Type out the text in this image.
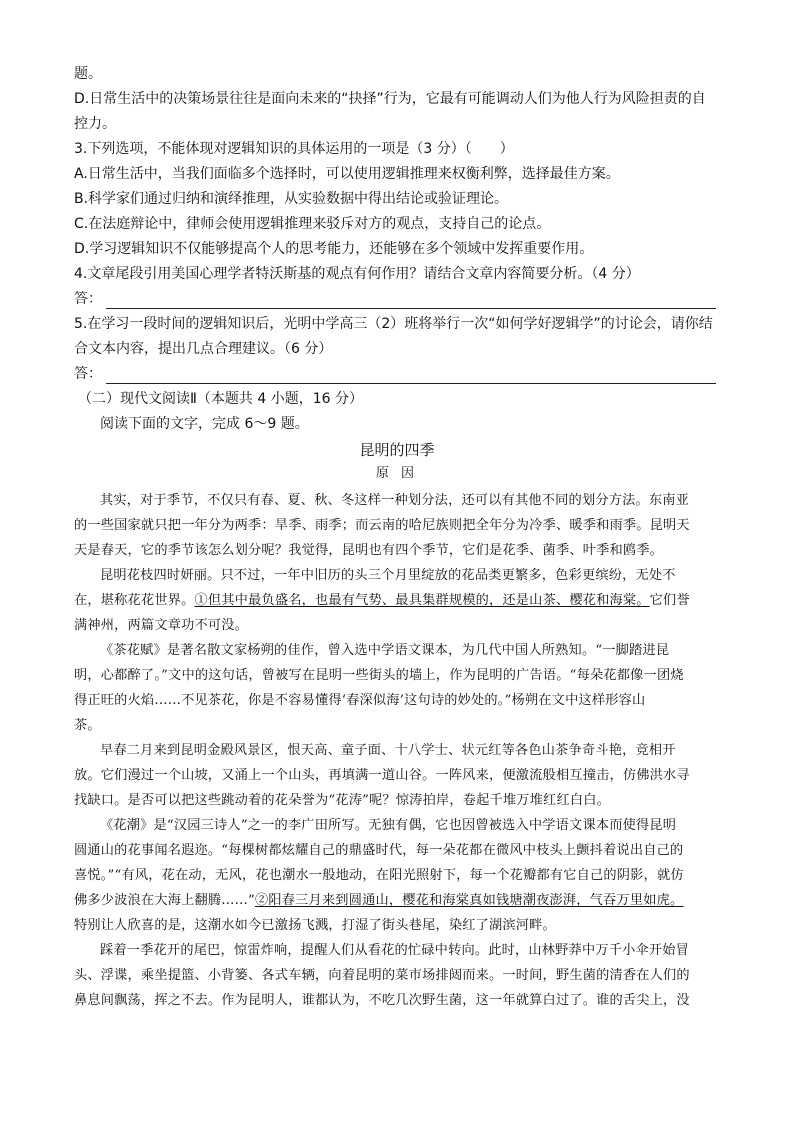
题。
D.日常生活中的决策场景往往是面向未来的“抉择”行为，它最有可能调动人们为他人行为风险担责的自
控力。
3.下列选项，不能体现对逻辑知识的具体运用的一项是（3 分）（　　）
A.日常生活中，当我们面临多个选择时，可以使用逻辑推理来权衡利弊，选择最佳方案。
B.科学家们通过归纳和演绎推理，从实验数据中得出结论或验证理论。
C.在法庭辩论中，律师会使用逻辑推理来驳斥对方的观点，支持自己的论点。
D.学习逻辑知识不仅能够提高个人的思考能力，还能够在多个领域中发挥重要作用。
4.文章尾段引用美国心理学者特沃斯基的观点有何作用？请结合文章内容简要分析。（4 分）
答：
5.在学习一段时间的逻辑知识后，光明中学高三（2）班将举行一次“如何学好逻辑学”的讨论会，请你结
合文本内容，提出几点合理建议。（6 分）
答：
（二）现代文阅读Ⅱ（本题共 4 小题，16 分）
阅读下面的文字，完成 6～9 题。
昆明的四季
原 因
其实，对于季节，不仅只有春、夏、秋、冬这样一种划分法，还可以有其他不同的划分方法。东南亚
的一些国家就只把一年分为两季：旱季、雨季；而云南的哈尼族则把全年分为冷季、暖季和雨季。昆明天
天是春天，它的季节该怎么划分呢？我觉得，昆明也有四个季节，它们是花季、菌季、叶季和鸥季。
昆明花枝四时妍丽。只不过，一年中旧历的头三个月里绽放的花品类更繁多，色彩更缤纷，无处不
在，堪称花花世界。①但其中最负盛名，也最有气势、最具集群规模的，还是山茶、樱花和海棠。它们誉
满神州，两篇文章功不可没。
《茶花赋》是著名散文家杨朔的佳作，曾入选中学语文课本，为几代中国人所熟知。“一脚踏进昆
明，心都醉了。”文中的这句话，曾被写在昆明一些街头的墙上，作为昆明的广告语。“每朵花都像一团烧
得正旺的火焰……不见茶花，你是不容易懂得‘春深似海’这句诗的妙处的。”杨朔在文中这样形容山
茶。
早春二月来到昆明金殿风景区，恨天高、童子面、十八学士、状元红等各色山茶争奇斗艳，竞相开
放。它们漫过一个山坡，又涌上一个山头，再填满一道山谷。一阵风来，便激流般相互撞击，仿佛洪水寻
找缺口。是否可以把这些跳动着的花朵誉为“花涛”呢？惊涛拍岸，卷起千堆万堆红红白白。
《花潮》是“汉园三诗人”之一的李广田所写。无独有偶，它也因曾被选入中学语文课本而使得昆明
圆通山的花事闻名遐迩。“每棵树都炫耀自己的鼎盛时代，每一朵花都在微风中枝头上颤抖着说出自己的
喜悦。”“有风，花在动，无风，花也潮水一般地动，在阳光照射下，每一个花瓣都有它自己的阴影，就仿
佛多少波浪在大海上翻腾……”②阳春三月来到圆通山，樱花和海棠真如钱塘潮夜澎湃，气吞万里如虎。
特别让人欣喜的是，这潮水如今已激扬飞溅，打湿了街头巷尾，染红了湖滨河畔。
踩着一季花开的尾巴，惊雷炸响，提醒人们从看花的忙碌中转向。此时，山林野莽中万千小伞开始冒
头、浮谍，乘坐提篮、小背篓、各式车辆，向着昆明的菜市场排闼而来。一时间，野生菌的清香在人们的
鼻息间飘荡，挥之不去。作为昆明人，谁都认为，不吃几次野生菌，这一年就算白过了。谁的舌尖上，没
